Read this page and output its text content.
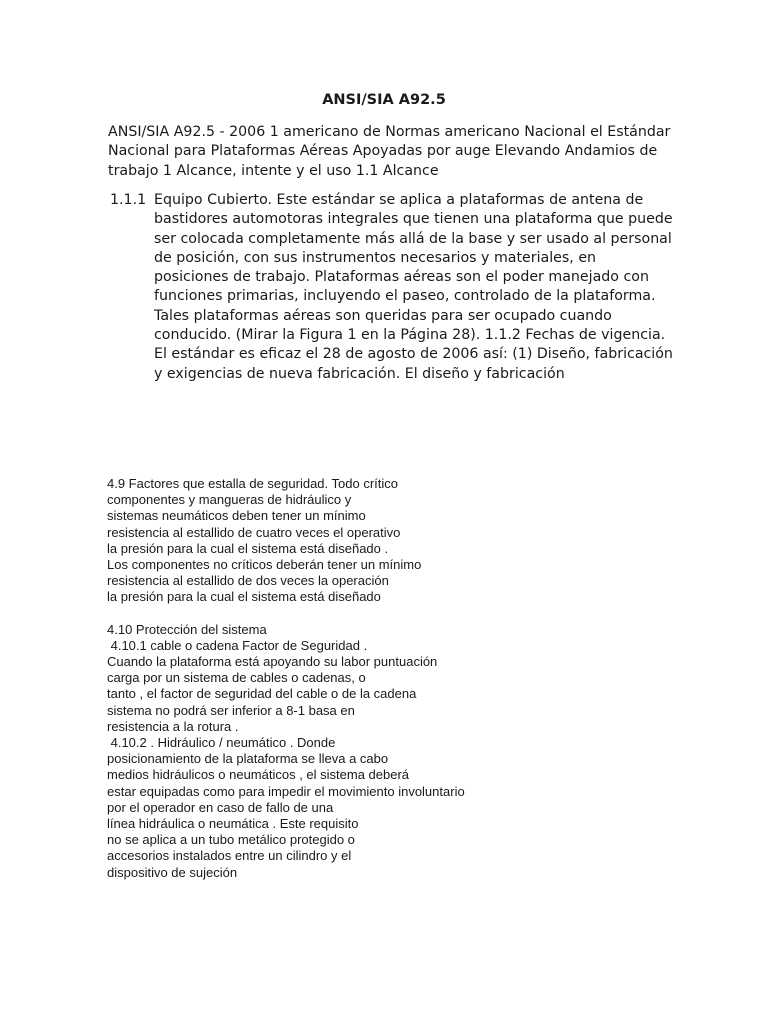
ANSI/SIA A92.5
ANSI/SIA A92.5 - 2006 1 americano de Normas americano Nacional el Estándar
Nacional para Plataformas Aéreas Apoyadas por auge Elevando Andamios de
trabajo 1 Alcance, intente y el uso 1.1 Alcance
1.1.1 Equipo Cubierto. Este estándar se aplica a plataformas de antena de
bastidores automotoras integrales que tienen una plataforma que puede
ser colocada completamente más allá de la base y ser usado al personal
de posición, con sus instrumentos necesarios y materiales, en
posiciones de trabajo. Plataformas aéreas son el poder manejado con
funciones primarias, incluyendo el paseo, controlado de la plataforma.
Tales plataformas aéreas son queridas para ser ocupado cuando
conducido. (Mirar la Figura 1 en la Página 28). 1.1.2 Fechas de vigencia.
El estándar es eficaz el 28 de agosto de 2006 así: (1) Diseño, fabricación
y exigencias de nueva fabricación. El diseño y fabricación
4.9 Factores que estalla de seguridad. Todo crítico
componentes y mangueras de hidráulico y
sistemas neumáticos deben tener un mínimo
resistencia al estallido de cuatro veces el operativo
la presión para la cual el sistema está diseñado .
Los componentes no críticos deberán tener un mínimo
resistencia al estallido de dos veces la operación
la presión para la cual el sistema está diseñado
4.10 Protección del sistema
4.10.1 cable o cadena Factor de Seguridad .
Cuando la plataforma está apoyando su labor puntuación
carga por un sistema de cables o cadenas, o
tanto , el factor de seguridad del cable o de la cadena
sistema no podrá ser inferior a 8-1 basa en
resistencia a la rotura .
4.10.2 . Hidráulico / neumático . Donde
posicionamiento de la plataforma se lleva a cabo
medios hidráulicos o neumáticos , el sistema deberá
estar equipadas como para impedir el movimiento involuntario
por el operador en caso de fallo de una
línea hidráulica o neumática . Este requisito
no se aplica a un tubo metálico protegido o
accesorios instalados entre un cilindro y el
dispositivo de sujeción
